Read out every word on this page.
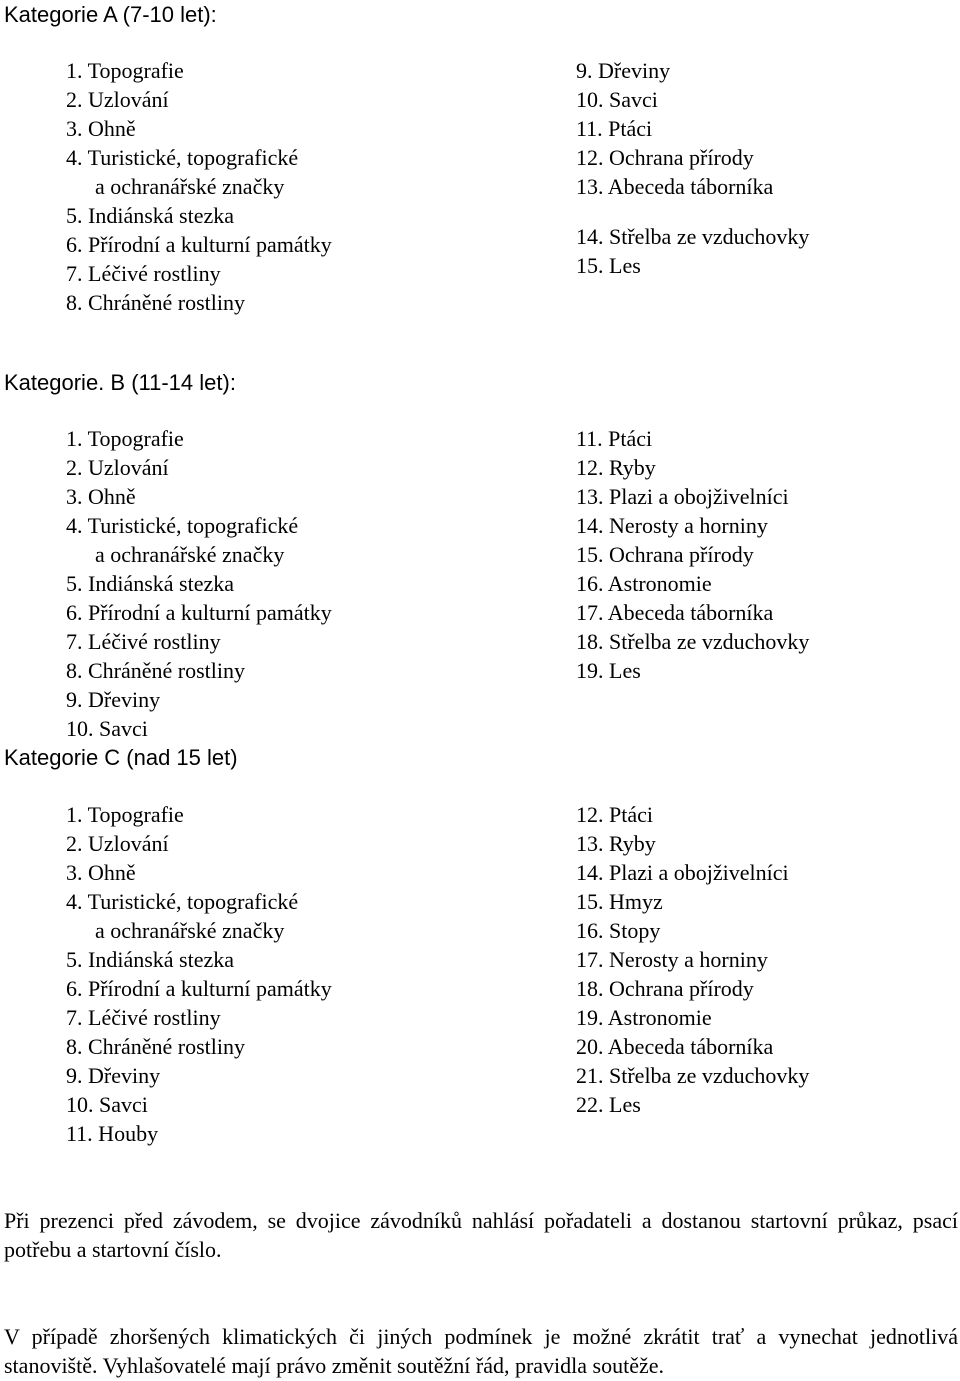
Kategorie A (7-10 let):
1. Topografie
2. Uzlování
3. Ohně
4. Turistické, topografické
a ochranářské značky
5. Indiánská stezka
6. Přírodní a kulturní památky
7. Léčivé rostliny
8. Chráněné rostliny
9. Dřeviny
10. Savci
11. Ptáci
12. Ochrana přírody
13. Abeceda táborníka
14. Střelba ze vzduchovky
15. Les
Kategorie. B (11-14 let):
1. Topografie
2. Uzlování
3. Ohně
4. Turistické, topografické
a ochranářské značky
5. Indiánská stezka
6. Přírodní a kulturní památky
7. Léčivé rostliny
8. Chráněné rostliny
9. Dřeviny
10. Savci
11. Ptáci
12. Ryby
13. Plazi a obojživelníci
14. Nerosty a horniny
15. Ochrana přírody
16. Astronomie
17. Abeceda táborníka
18. Střelba ze vzduchovky
19. Les
Kategorie C (nad 15 let)
1. Topografie
2. Uzlování
3. Ohně
4. Turistické, topografické
a ochranářské značky
5. Indiánská stezka
6. Přírodní a kulturní památky
7. Léčivé rostliny
8. Chráněné rostliny
9. Dřeviny
10. Savci
11. Houby
12. Ptáci
13. Ryby
14. Plazi a obojživelníci
15. Hmyz
16. Stopy
17. Nerosty a horniny
18. Ochrana přírody
19. Astronomie
20. Abeceda táborníka
21. Střelba ze vzduchovky
22. Les

Při prezenci před závodem, se dvojice závodníků nahlásí pořadateli a dostanou startovní průkaz, psací potřebu a startovní číslo.

V případě zhoršených klimatických či jiných podmínek je možné zkrátit trať a vynechat jednotlivá stanoviště. Vyhlašovatelé mají právo změnit soutěžní řád, pravidla soutěže.
